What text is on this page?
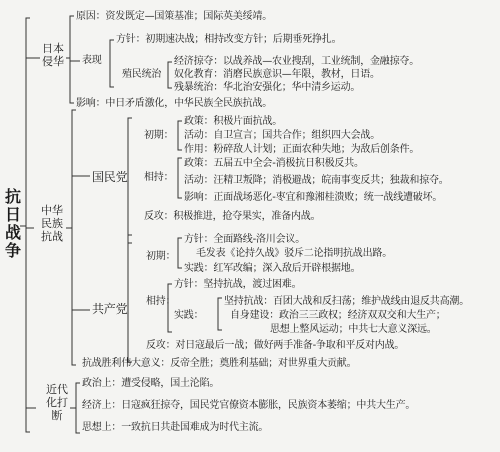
抗日战争
日本侵华
原因：资发既定—国策基准；国际英美绥靖。
表现
方针：初期速决战；相持改变方针；后期垂死挣扎。
经济掠夺：以战养战—农业搜刮，工业统制，金融掠夺。
殖民统治 奴化教育：消磨民族意识—年限，教材，日语。
残暴统治：华北治安强化；华中清乡运动。
影响：中日矛盾激化，中华民族全民族抗战。
中华民族抗战
国民党
初期：
政策：积极片面抗战。
活动：自卫宣言；国共合作；组织四大会战。
作用：粉碎敌人计划；正面农种失地；为敌后创条件。
相持：
政策：五届五中全会-消极抗日积极反共。
活动：汪精卫叛降；消极避战；皖南事变反共；独裁和掠夺。
影响：正面战场恶化-枣宜和豫湘桂溃败；统一战线遭破坏。
反攻：积极推进，抢夺果实，准备内战。
共产党
初期：
方针：全面路线-洛川会议。
毛发表《论持久战》驳斥二论指明抗战出路。
实践：红军改编；深入敌后开辟根据地。
相持：
方针：坚持抗战，渡过困难。
实践：
坚持抗战：百团大战和反扫荡；维护战线由退反共高潮。
自身建设：政治三三政权；经济双双交和大生产；
思想上整风运动；中共七大意义深远。
反攻：对日寇最后一战；做好两手准备-争取和平反对内战。
抗战胜利伟大意义：反帝全胜；奠胜利基础；对世界重大贡献。
近代化打断
政治上：遭受侵略，国土沦陷。
经济上：日寇疯狂掠夺，国民党官僚资本膨胀，民族资本萎缩；中共大生产。
思想上：一致抗日共赴国难成为时代主流。
